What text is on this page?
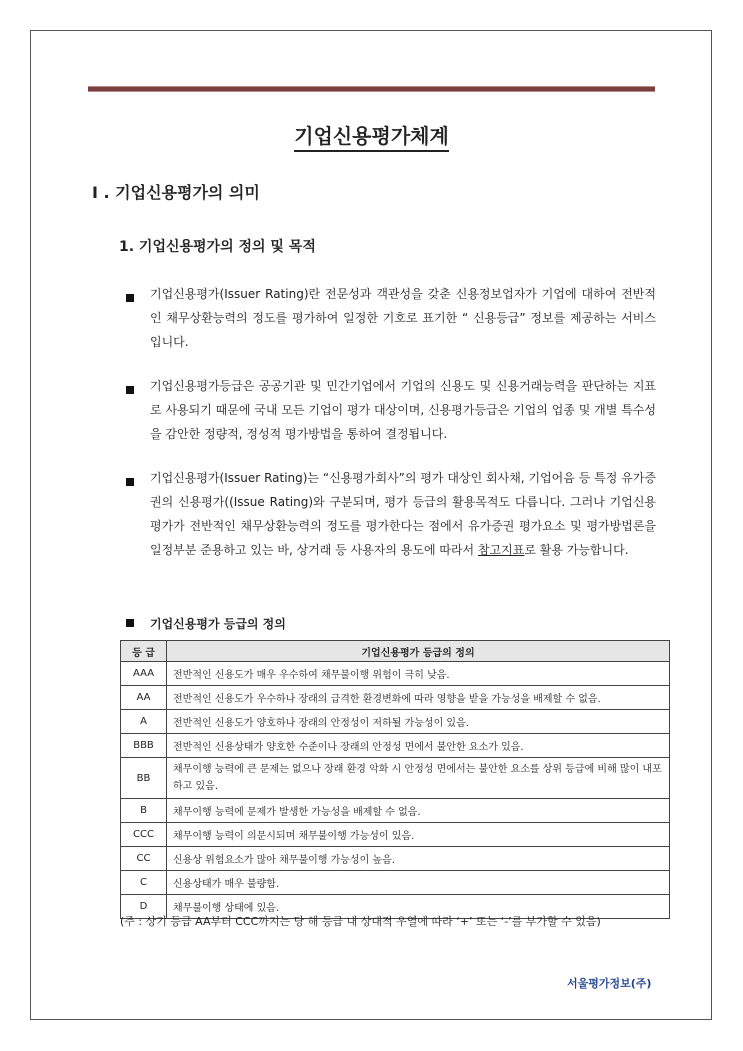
기업신용평가체계
I . 기업신용평가의 의미
1. 기업신용평가의 정의 및 목적
기업신용평가(Issuer Rating)란 전문성과 객관성을 갖춘 신용정보업자가 기업에 대하여 전반적인 채무상환능력의 정도를 평가하여 일정한 기호로 표기한 “ 신용등급” 정보를 제공하는 서비스입니다.
기업신용평가등급은 공공기관 및 민간기업에서 기업의 신용도 및 신용거래능력을 판단하는 지표로 사용되기 때문에 국내 모든 기업이 평가 대상이며, 신용평가등급은 기업의 업종 및 개별 특수성을 감안한 정량적, 정성적 평가방법을 통하여 결정됩니다.
기업신용평가(Issuer Rating)는 “신용평가회사”의 평가 대상인 회사채, 기업어음 등 특정 유가증권의 신용평가((Issue Rating)와 구분되며, 평가 등급의 활용목적도 다릅니다. 그러나 기업신용평가가 전반적인 채무상환능력의 정도를 평가한다는 점에서 유가증권 평가요소 및 평가방법론을 일정부분 준용하고 있는 바, 상거래 등 사용자의 용도에 따라서 참고지표로 활용 가능합니다.
기업신용평가 등급의 정의
등 급	기업신용평가 등급의 정의
AAA	전반적인 신용도가 매우 우수하여 채무불이행 위험이 극히 낮음.
AA	전반적인 신용도가 우수하나 장래의 급격한 환경변화에 따라 영향을 받을 가능성을 배제할 수 없음.
A	전반적인 신용도가 양호하나 장래의 안정성이 저하될 가능성이 있음.
BBB	전반적인 신용상태가 양호한 수준이나 장래의 안정성 면에서 불안한 요소가 있음.
BB	채무이행 능력에 큰 문제는 없으나 장래 환경 악화 시 안정성 면에서는 불안한 요소를 상위 등급에 비해 많이 내포하고 있음.
B	채무이행 능력에 문제가 발생한 가능성을 배제할 수 없음.
CCC	채무이행 능력이 의문시되며 채무불이행 가능성이 있음.
CC	신용상 위험요소가 많아 채무불이행 가능성이 높음.
C	신용상태가 매우 불량함.
D	채무불이행 상태에 있음.
(주 : 상기 등급 AA부터 CCC까지는 당 해 등급 내 상대적 우열에 따라 ‘+’ 또는 ‘-’를 부가할 수 있음)
서울평가정보(주)
